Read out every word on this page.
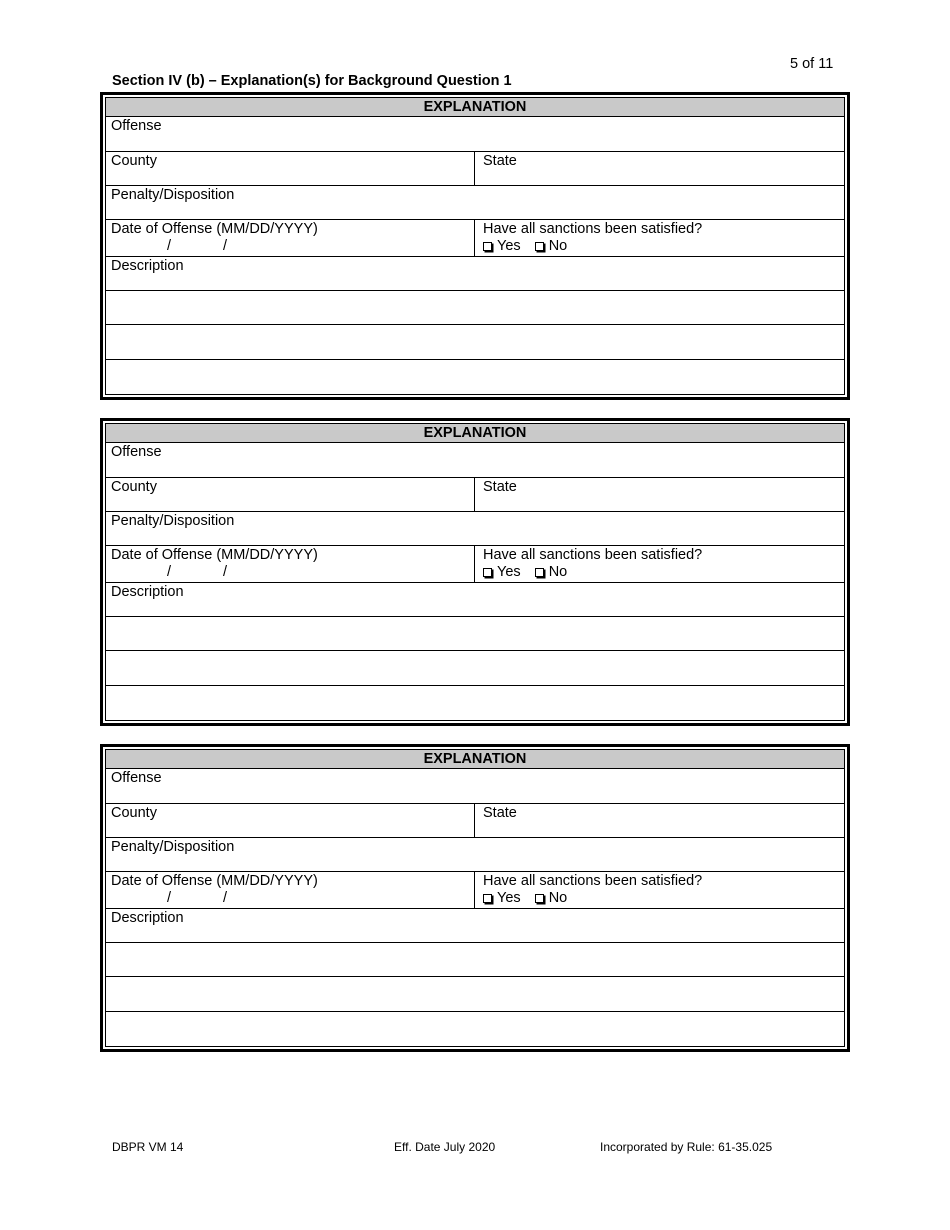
5 of 11
Section IV (b) – Explanation(s) for Background Question 1
EXPLANATION
Offense
County	State
Penalty/Disposition
Date of Offense (MM/DD/YYYY)
/	/
Have all sanctions been satisfied?
Yes No
Description
EXPLANATION
Offense
County	State
Penalty/Disposition
Date of Offense (MM/DD/YYYY)
/	/
Have all sanctions been satisfied?
Yes No
Description
EXPLANATION
Offense
County	State
Penalty/Disposition
Date of Offense (MM/DD/YYYY)
/	/
Have all sanctions been satisfied?
Yes No
Description
DBPR VM 14	Eff. Date July 2020	Incorporated by Rule: 61-35.025
